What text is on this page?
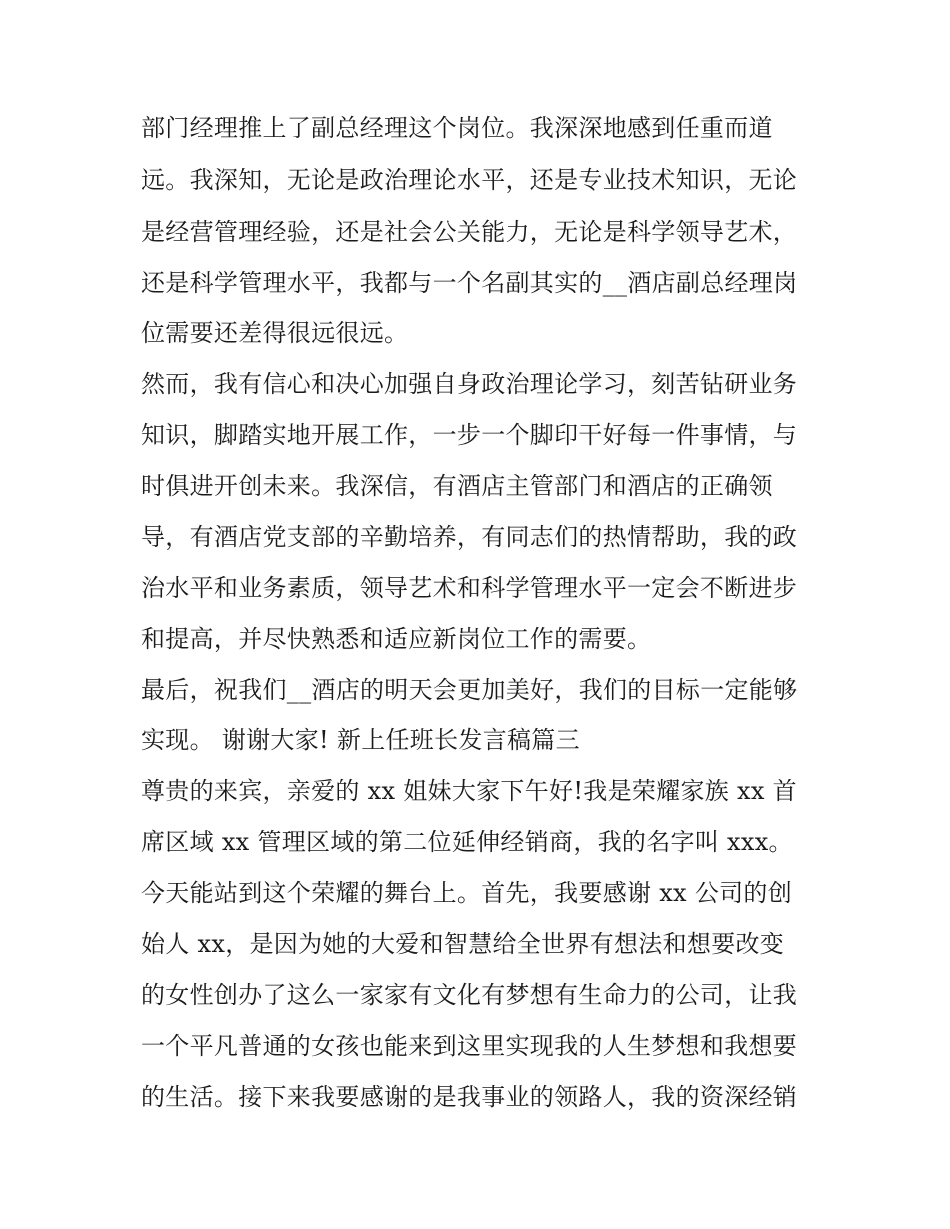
部门经理推上了副总经理这个岗位。我深深地感到任重而道
远。我深知，无论是政治理论水平，还是专业技术知识，无论
是经营管理经验，还是社会公关能力，无论是科学领导艺术，
还是科学管理水平，我都与一个名副其实的__酒店副总经理岗
位需要还差得很远很远。
然而，我有信心和决心加强自身政治理论学习，刻苦钻研业务
知识，脚踏实地开展工作，一步一个脚印干好每一件事情，与
时俱进开创未来。我深信，有酒店主管部门和酒店的正确领
导，有酒店党支部的辛勤培养，有同志们的热情帮助，我的政
治水平和业务素质，领导艺术和科学管理水平一定会不断进步
和提高，并尽快熟悉和适应新岗位工作的需要。
最后，祝我们__酒店的明天会更加美好，我们的目标一定能够
实现。 谢谢大家! 新上任班长发言稿篇三
尊贵的来宾，亲爱的 xx 姐妹大家下午好!我是荣耀家族 xx 首
席区域 xx 管理区域的第二位延伸经销商，我的名字叫 xxx。
今天能站到这个荣耀的舞台上。首先，我要感谢 xx 公司的创
始人 xx，是因为她的大爱和智慧给全世界有想法和想要改变
的女性创办了这么一家家有文化有梦想有生命力的公司，让我
一个平凡普通的女孩也能来到这里实现我的人生梦想和我想要
的生活。接下来我要感谢的是我事业的领路人，我的资深经销
